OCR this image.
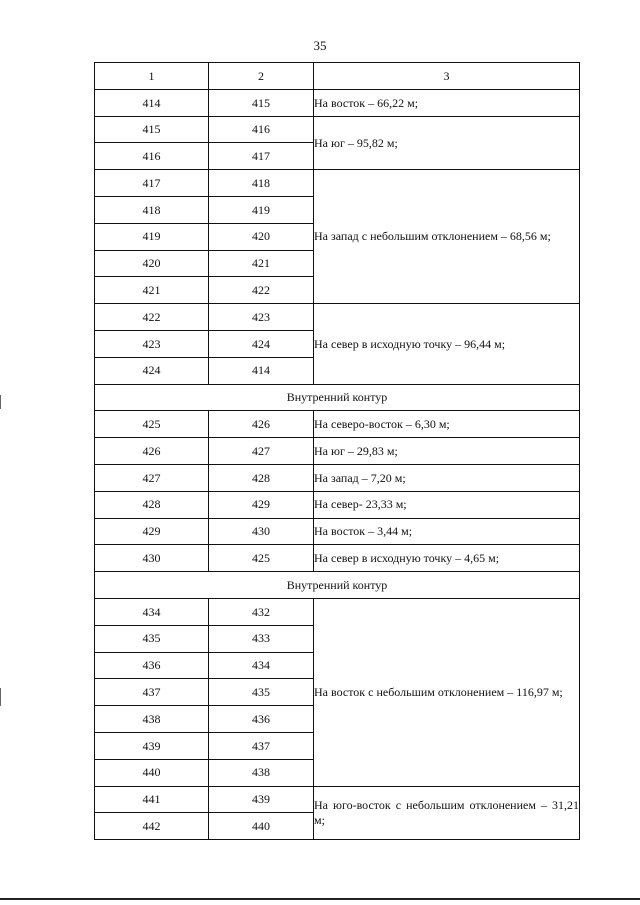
35
1	2	3
414	415	На восток – 66,22 м;
415	416	На юг – 95,82 м;
416	417	
417	418	На запад с небольшим отклонением – 68,56 м;
418	419	
419	420	
420	421	
421	422	
422	423	На север в исходную точку – 96,44 м;
423	424	
424	414	
Внутренний контур		
425	426	На северо-восток – 6,30 м;
426	427	На юг – 29,83 м;
427	428	На запад – 7,20 м;
428	429	На север- 23,33 м;
429	430	На восток – 3,44 м;
430	425	На север в исходную точку – 4,65 м;
Внутренний контур		
434	432	На восток с небольшим отклонением – 116,97 м;
435	433	
436	434	
437	435	
438	436	
439	437	
440	438	
441	439	На юго-восток с небольшим отклонением – 31,21 м;
442	440	
